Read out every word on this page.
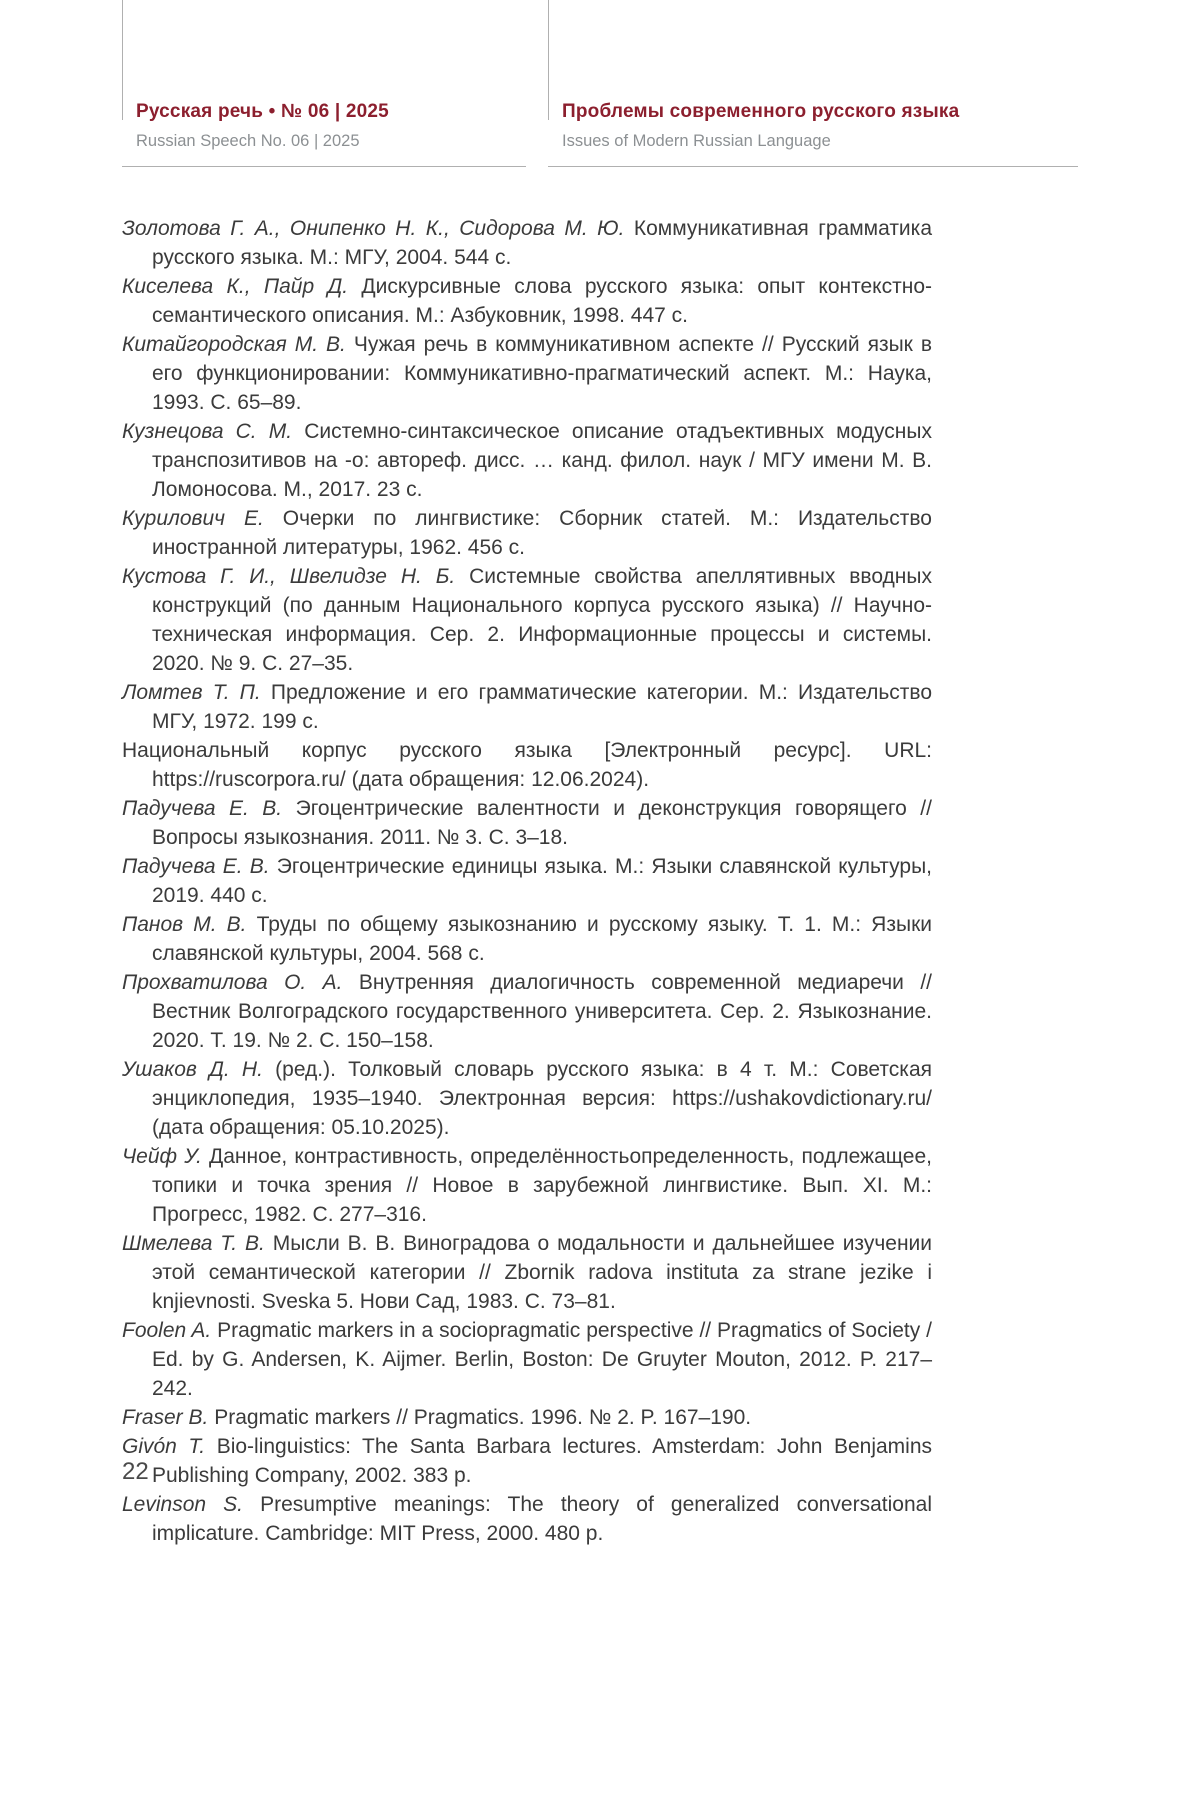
Русская речь • № 06 | 2025
Russian Speech No. 06 | 2025
Проблемы современного русского языка
Issues of Modern Russian Language

Золотова Г. А., Онипенко Н. К., Сидорова М. Ю. Коммуникативная грамматика русского языка. М.: МГУ, 2004. 544 с.

Киселева К., Пайр Д. Дискурсивные слова русского языка: опыт контекстно-семантического описания. М.: Азбуковник, 1998. 447 с.

Китайгородская М. В. Чужая речь в коммуникативном аспекте // Русский язык в его функционировании: Коммуникативно-прагматический аспект. М.: Наука, 1993. С. 65–89.

Кузнецова С. М. Системно-синтаксическое описание отадъективных модусных транспозитивов на -о: автореф. дисс. … канд. филол. наук / МГУ имени М. В. Ломоносова. М., 2017. 23 с.

Курилович Е. Очерки по лингвистике: Сборник статей. М.: Издательство иностранной литературы, 1962. 456 с.

Кустова Г. И., Швелидзе Н. Б. Системные свойства апеллятивных вводных конструкций (по данным Национального корпуса русского языка) // Научно-техническая информация. Сер. 2. Информационные процессы и системы. 2020. № 9. С. 27–35.

Ломтев Т. П. Предложение и его грамматические категории. М.: Издательство МГУ, 1972. 199 с.

Национальный корпус русского языка [Электронный ресурс]. URL: https://ruscorpora.ru/ (дата обращения: 12.06.2024).

Падучева Е. В. Эгоцентрические валентности и деконструкция говорящего // Вопросы языкознания. 2011. № 3. С. 3–18.

Падучева Е. В. Эгоцентрические единицы языка. М.: Языки славянской культуры, 2019. 440 с.

Панов М. В. Труды по общему языкознанию и русскому языку. Т. 1. М.: Языки славянской культуры, 2004. 568 с.

Прохватилова О. А. Внутренняя диалогичность современной медиаречи // Вестник Волгоградского государственного университета. Сер. 2. Языкознание. 2020. Т. 19. № 2. С. 150–158.

Ушаков Д. Н. (ред.). Толковый словарь русского языка: в 4 т. М.: Советская энциклопедия, 1935–1940. Электронная версия: https://ushakovdictionary.ru/ (дата обращения: 05.10.2025).

Чейф У. Данное, контрастивность, определённостьопределенность, подлежащее, топики и точка зрения // Новое в зарубежной лингвистике. Вып. XI. М.: Прогресс, 1982. С. 277–316.

Шмелева Т. В. Мысли В. В. Виноградова о модальности и дальнейшее изучении этой семантической категории // Zbornik radova instituta za strane jezike i knjievnosti. Sveska 5. Нови Сад, 1983. С. 73–81.

Foolen A. Pragmatic markers in a sociopragmatic perspective // Pragmatics of Society / Ed. by G. Andersen, K. Aijmer. Berlin, Boston: De Gruyter Mouton, 2012. P. 217–242.

Fraser B. Pragmatic markers // Pragmatics. 1996. № 2. P. 167–190.

Givón T. Bio-linguistics: The Santa Barbara lectures. Amsterdam: John Benjamins Publishing Company, 2002. 383 p.

Levinson S. Presumptive meanings: The theory of generalized conversational implicature. Cambridge: MIT Press, 2000. 480 p.

22
